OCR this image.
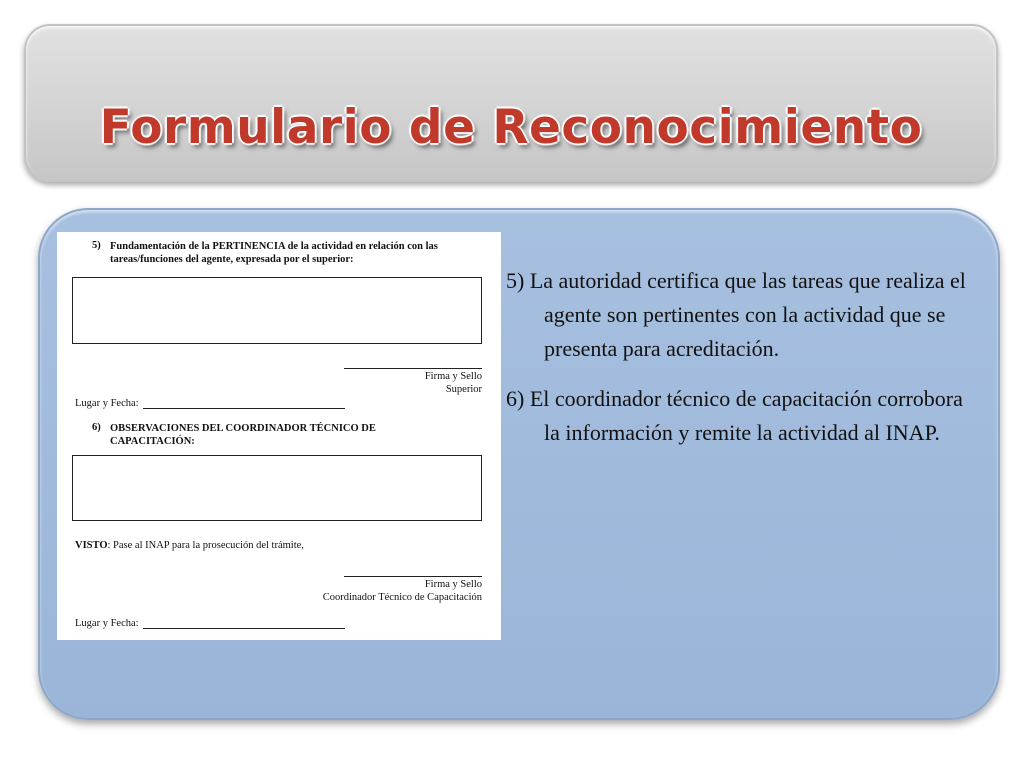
Formulario de Reconocimiento
5) Fundamentación de la PERTINENCIA de la actividad en relación con las
tareas/funciones del agente, expresada por el superior:
Firma y Sello
Superior
Lugar y Fecha:
6) OBSERVACIONES DEL COORDINADOR TÉCNICO DE
CAPACITACIÓN:
VISTO: Pase al INAP para la prosecución del trámite,
Firma y Sello
Coordinador Técnico de Capacitación
Lugar y Fecha:

5) La autoridad certifica que las tareas que realiza el agente son pertinentes con la actividad que se presenta para acreditación.

6) El coordinador técnico de capacitación corrobora la información y remite la actividad al INAP.
